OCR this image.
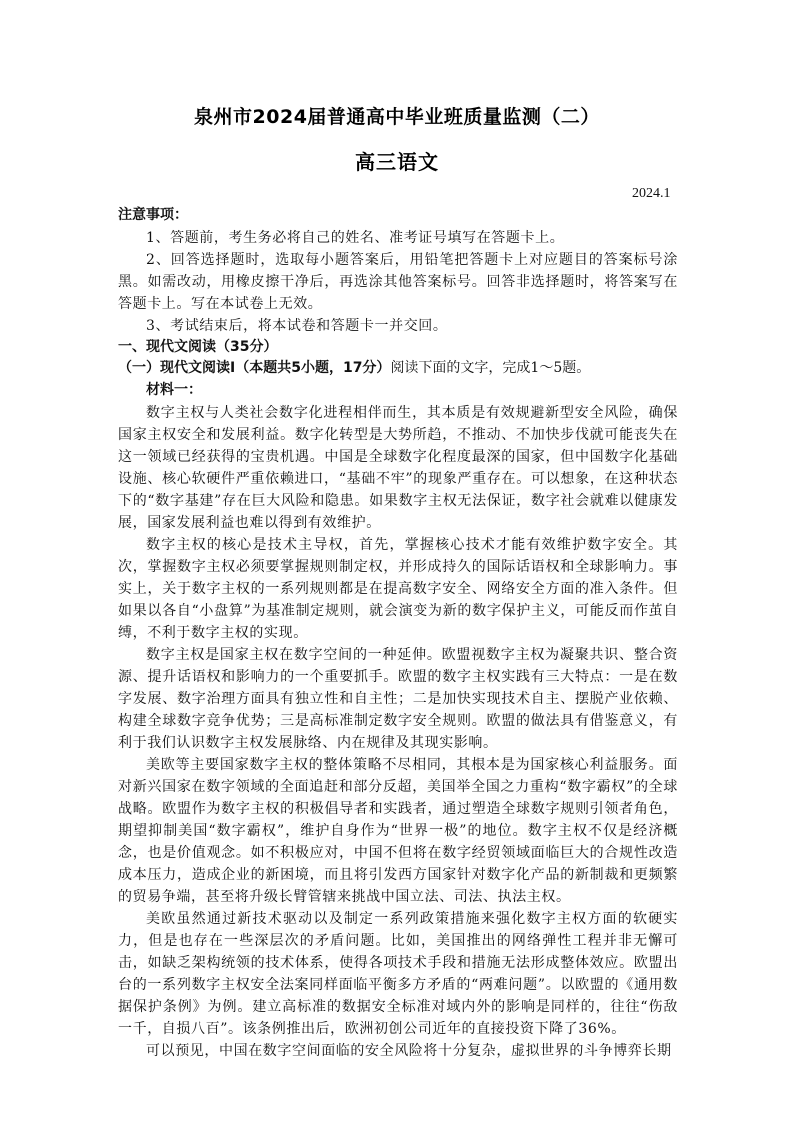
泉州市2024届普通高中毕业班质量监测（二）
高三语文
2024.1
注意事项：
1、答题前，考生务必将自己的姓名、准考证号填写在答题卡上。
2、回答选择题时，选取每小题答案后，用铅笔把答题卡上对应题目的答案标号涂黑。如需改动，用橡皮擦干净后，再选涂其他答案标号。回答非选择题时，将答案写在答题卡上。写在本试卷上无效。
3、考试结束后，将本试卷和答题卡一并交回。
一、现代文阅读（35分）
（一）现代文阅读Ⅰ（本题共5小题，17分）阅读下面的文字，完成1～5题。
材料一：
数字主权与人类社会数字化进程相伴而生，其本质是有效规避新型安全风险，确保国家主权安全和发展利益。数字化转型是大势所趋，不推动、不加快步伐就可能丧失在这一领域已经获得的宝贵机遇。中国是全球数字化程度最深的国家，但中国数字化基础设施、核心软硬件严重依赖进口，“基础不牢”的现象严重存在。可以想象，在这种状态下的“数字基建”存在巨大风险和隐患。如果数字主权无法保证，数字社会就难以健康发展，国家发展利益也难以得到有效维护。
数字主权的核心是技术主导权，首先，掌握核心技术才能有效维护数字安全。其次，掌握数字主权必须要掌握规则制定权，并形成持久的国际话语权和全球影响力。事实上，关于数字主权的一系列规则都是在提高数字安全、网络安全方面的准入条件。但如果以各自“小盘算”为基准制定规则，就会演变为新的数字保护主义，可能反而作茧自缚，不利于数字主权的实现。
数字主权是国家主权在数字空间的一种延伸。欧盟视数字主权为凝聚共识、整合资源、提升话语权和影响力的一个重要抓手。欧盟的数字主权实践有三大特点：一是在数字发展、数字治理方面具有独立性和自主性；二是加快实现技术自主、摆脱产业依赖、构建全球数字竞争优势；三是高标准制定数字安全规则。欧盟的做法具有借鉴意义，有利于我们认识数字主权发展脉络、内在规律及其现实影响。
美欧等主要国家数字主权的整体策略不尽相同，其根本是为国家核心利益服务。面对新兴国家在数字领域的全面追赶和部分反超，美国举全国之力重构“数字霸权”的全球战略。欧盟作为数字主权的积极倡导者和实践者，通过塑造全球数字规则引领者角色，期望抑制美国“数字霸权”，维护自身作为“世界一极”的地位。数字主权不仅是经济概念，也是价值观念。如不积极应对，中国不但将在数字经贸领域面临巨大的合规性改造成本压力，造成企业的新困境，而且将引发西方国家针对数字化产品的新制裁和更频繁的贸易争端，甚至将升级长臂管辖来挑战中国立法、司法、执法主权。
美欧虽然通过新技术驱动以及制定一系列政策措施来强化数字主权方面的软硬实力，但是也存在一些深层次的矛盾问题。比如，美国推出的网络弹性工程并非无懈可击，如缺乏架构统领的技术体系，使得各项技术手段和措施无法形成整体效应。欧盟出台的一系列数字主权安全法案同样面临平衡多方矛盾的“两难问题”。以欧盟的《通用数据保护条例》为例。建立高标准的数据安全标准对域内外的影响是同样的，往往“伤敌一千，自损八百”。该条例推出后，欧洲初创公司近年的直接投资下降了36%。
可以预见，中国在数字空间面临的安全风险将十分复杂，虚拟世界的斗争博弈长期
